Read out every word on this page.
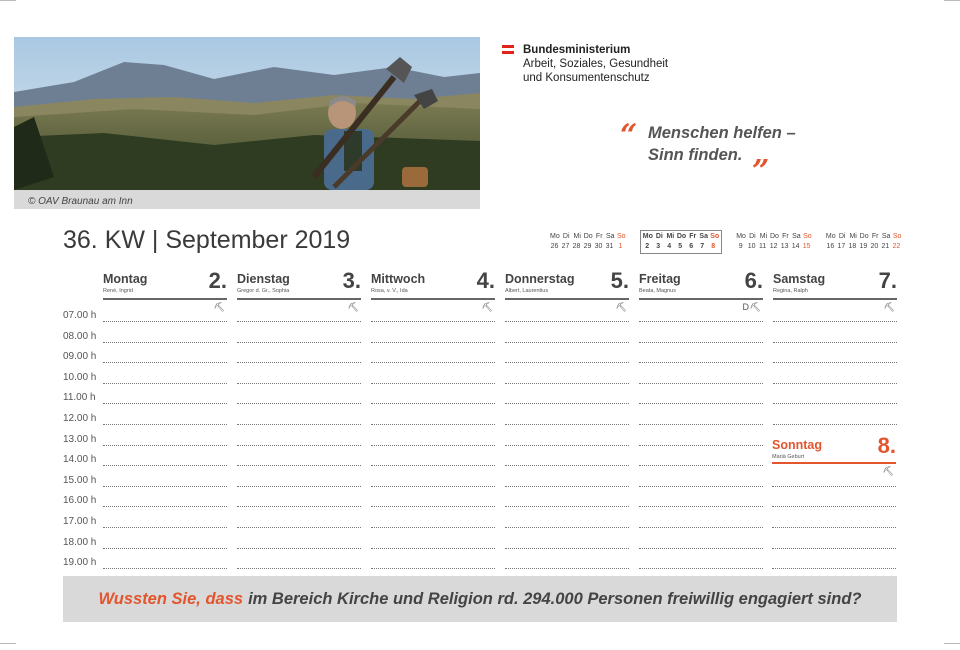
© OAV Braunau am Inn
Bundesministerium
Arbeit, Soziales, Gesundheit
und Konsumentenschutz
“ Menschen helfen –
Sinn finden. ”
36. KW | September 2019	Mo Di Mi Do Fr Sa So
26 27 28 29 30 31 1
Mo Di Mi Do Fr Sa So
2	3	4	5	6	7	8
Mo Di Mi Do Fr Sa So
9 10 11 12 13 14 15
Mo Di Mi Do Fr Sa So
16 17 18 19 20 21 22
07.00 h
08.00 h
09.00 h
10.00 h
11.00 h
12.00 h
13.00 h
14.00 h
15.00 h
16.00 h
17.00 h
18.00 h
19.00 h
Montag
René, Ingrid	2.
⛏
Dienstag
Gregor d. Gr., Sophia 3.
⛏
Mittwoch
Rosa, v. V., Ida	4.
⛏
Donnerstag
Albert, Laurentius	5.
⛏
Freitag
Beata, Magnus	6.
⛏
D
Samstag
Regina, Ralph	7.
⛏
Sonntag
Mariä Geburt	8.
⛏
Wussten Sie, dass im Bereich Kirche und Religion rd. 294.000 Personen freiwillig engagiert sind?
